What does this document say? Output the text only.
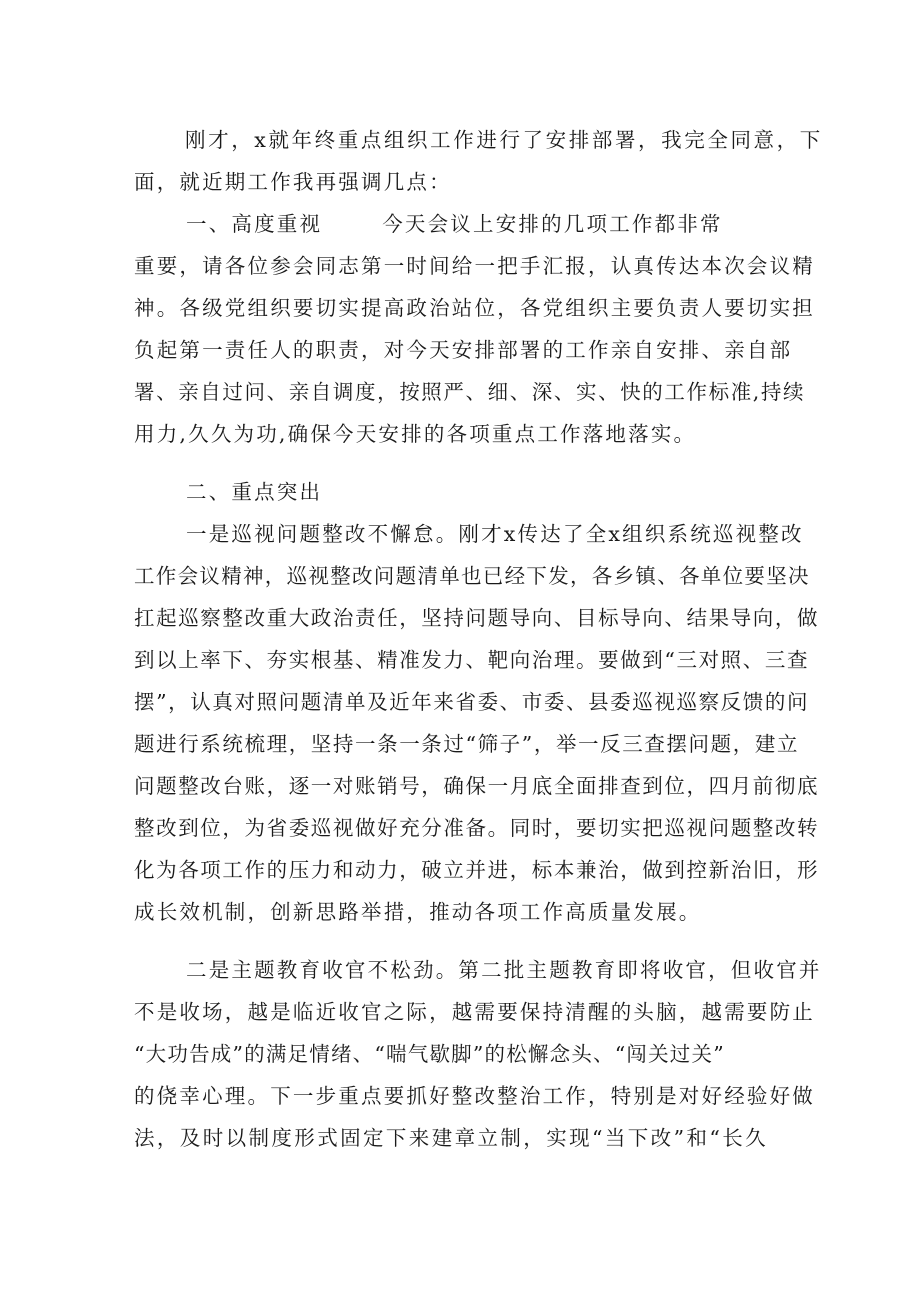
刚才，x就年终重点组织工作进行了安排部署，我完全同意，下
面，就近期工作我再强调几点：
一、高度重视	今天会议上安排的几项工作都非常
重要，请各位参会同志第一时间给一把手汇报，认真传达本次会议精
神。各级党组织要切实提高政治站位，各党组织主要负责人要切实担
负起第一责任人的职责，对今天安排部署的工作亲自安排、亲自部
署、亲自过问、亲自调度，按照严、细、深、实、快的工作标准,持续
用力,久久为功,确保今天安排的各项重点工作落地落实。
二、重点突出
一是巡视问题整改不懈怠。刚才x传达了全x组织系统巡视整改
工作会议精神，巡视整改问题清单也已经下发，各乡镇、各单位要坚决
扛起巡察整改重大政治责任，坚持问题导向、目标导向、结果导向，做
到以上率下、夯实根基、精准发力、靶向治理。要做到“三对照、三查
摆”，认真对照问题清单及近年来省委、市委、县委巡视巡察反馈的问
题进行系统梳理，坚持一条一条过“筛子”，举一反三查摆问题，建立
问题整改台账，逐一对账销号，确保一月底全面排查到位，四月前彻底
整改到位，为省委巡视做好充分准备。同时，要切实把巡视问题整改转
化为各项工作的压力和动力，破立并进，标本兼治，做到控新治旧，形
成长效机制，创新思路举措，推动各项工作高质量发展。
二是主题教育收官不松劲。第二批主题教育即将收官，但收官并
不是收场，越是临近收官之际，越需要保持清醒的头脑，越需要防止
“大功告成”的满足情绪、“喘气歇脚”的松懈念头、“闯关过关”
的侥幸心理。下一步重点要抓好整改整治工作，特别是对好经验好做
法，及时以制度形式固定下来建章立制，实现“当下改”和“长久
